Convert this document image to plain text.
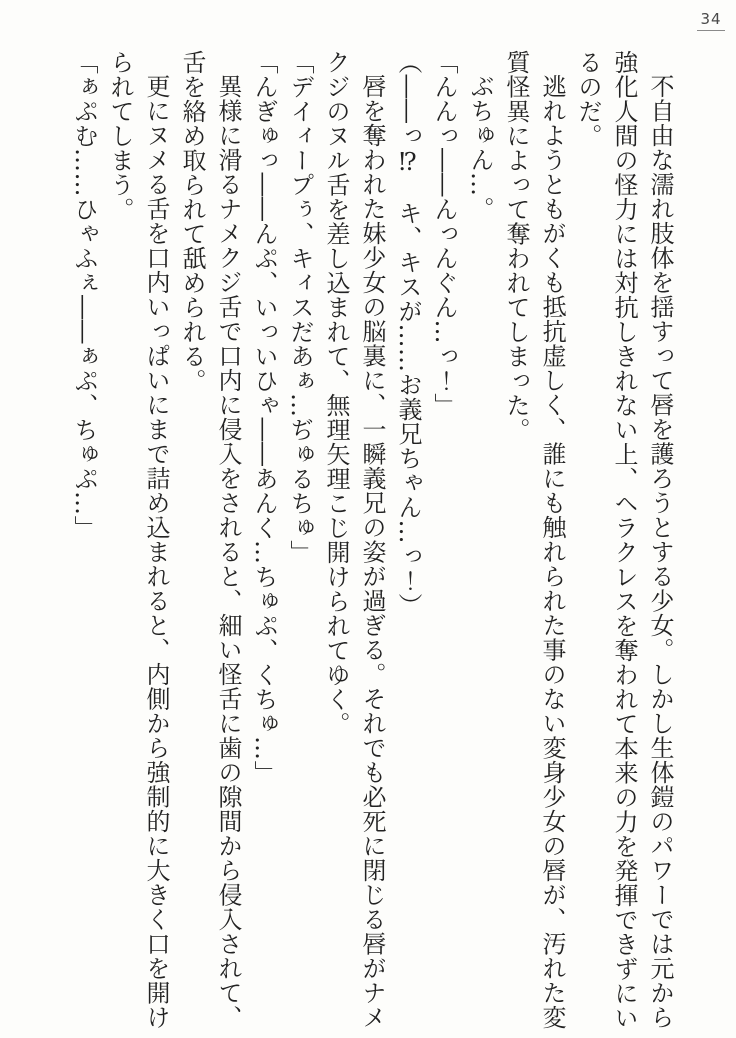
34

不自由な濡れ肢体を揺すって唇を護ろうとする少女。しかし生体鎧のパワーでは元から

強化人間の怪力には対抗しきれない上、ヘラクレスを奪われて本来の力を発揮できずにい

るのだ。

逃れようともがくも抵抗虚しく、誰にも触れられた事のない変身少女の唇が、汚れた変

質怪異によって奪われてしまった。

ぶちゅん…。

「んんっ――んっんぐん…っ！」

（――っ⁉　キ、キスが……お義兄ちゃん…っ！）

唇を奪われた妹少女の脳裏に、一瞬義兄の姿が過ぎる。それでも必死に閉じる唇がナメ

クジのヌル舌を差し込まれて、無理矢理こじ開けられてゆく。

「デイィープぅ、キィスだあぁ…ぢゅるちゅ」

「んぎゅっ――んぷ、いっいひゃ――あんく…ちゅぷ、くちゅ…」

異様に滑るナメクジ舌で口内に侵入をされると、細い怪舌に歯の隙間から侵入されて、

舌を絡め取られて舐められる。

更にヌメる舌を口内いっぱいにまで詰め込まれると、内側から強制的に大きく口を開け

られてしまう。

「ぁぷむ……ひゃふぇ――ぁぷ、ちゅぷ…」
